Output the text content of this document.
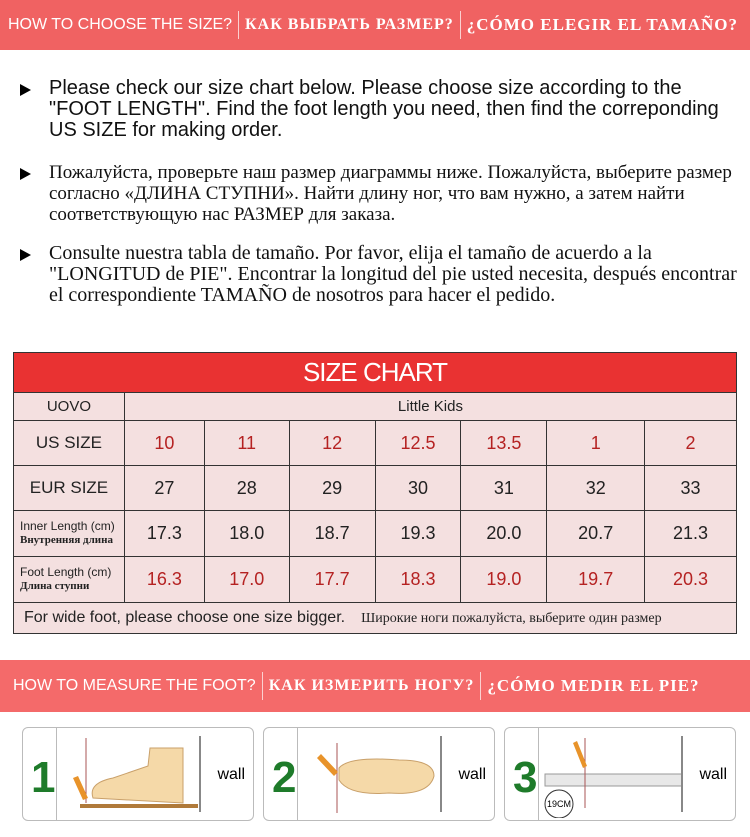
HOW TO CHOOSE THE SIZE? КАК ВЫБРАТЬ РАЗМЕР? ¿CÓMO ELEGIR EL TAMAÑO?

Please check our size chart below. Please choose size according to the "FOOT LENGTH". Find the foot length you need, then find the correponding US SIZE for making order.

Пожалуйста, проверьте наш размер диаграммы ниже. Пожалуйста, выберите размер согласно «ДЛИНА СТУПНИ». Найти длину ног, что вам нужно, а затем найти соответствующую нас РАЗМЕР для заказа.

Consulte nuestra tabla de tamaño. Por favor, elija el tamaño de acuerdo a la "LONGITUD de PIE". Encontrar la longitud del pie usted necesita, después encontrar el correspondiente TAMAÑO de nosotros para hacer el pedido.

SIZE CHART							
UOVO	Little Kids						
US SIZE	10	11	12	12.5	13.5	1	2
EUR SIZE	27	28	29	30	31	32	33
Inner Length (cm)
Внутренняя длина	17.3	18.0	18.7	19.3	20.0	20.7	21.3
Foot Length (cm)
Длина ступни	16.3	17.0	17.7	18.3	19.0	19.7	20.3
For wide foot, please choose one size bigger. Широкие ноги пожалуйста, выберите один размер							
HOW TO MEASURE THE FOOT? КАК ИЗМЕРИТЬ НОГУ? ¿CÓMO MEDIR EL PIE?
1	wall 2	wall 3
19CM
wall
